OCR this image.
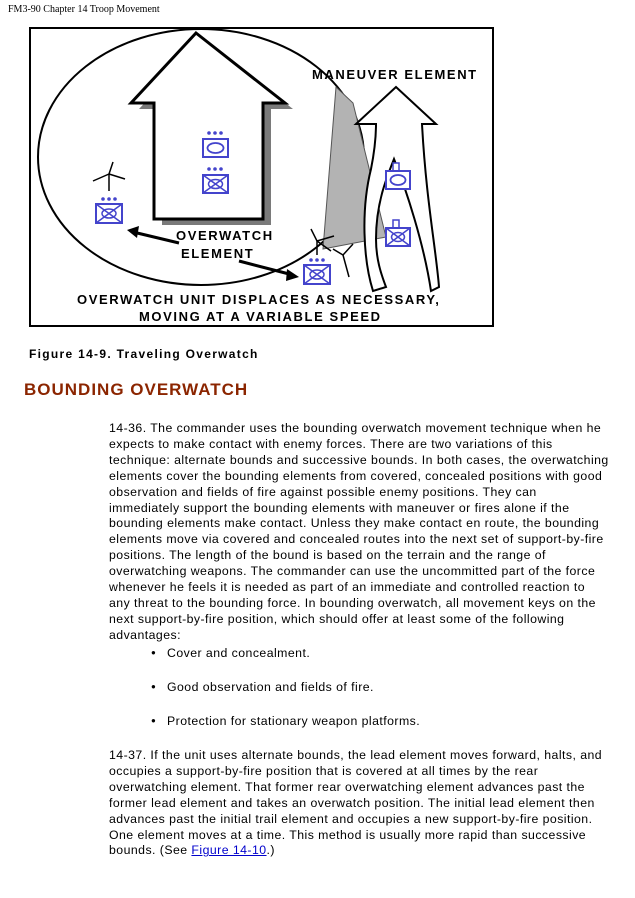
FM3-90 Chapter 14 Troop Movement
MANEUVER ELEMENT
OVERWATCH
ELEMENT
OVERWATCH UNIT DISPLACES AS NECESSARY,
MOVING AT A VARIABLE SPEED
Figure 14-9. Traveling Overwatch
BOUNDING OVERWATCH

14-36. The commander uses the bounding overwatch movement technique when he expects to make contact with enemy forces. There are two variations of this technique: alternate bounds and successive bounds. In both cases, the overwatching elements cover the bounding elements from covered, concealed positions with good observation and fields of fire against possible enemy positions. They can immediately support the bounding elements with maneuver or fires alone if the bounding elements make contact. Unless they make contact en route, the bounding elements move via covered and concealed routes into the next set of support-by-fire positions. The length of the bound is based on the terrain and the range of overwatching weapons. The commander can use the uncommitted part of the force whenever he feels it is needed as part of an immediate and controlled reaction to any threat to the bounding force. In bounding overwatch, all movement keys on the next support-by-fire position, which should offer at least some of the following advantages:

● Cover and concealment.
● Good observation and fields of fire.
● Protection for stationary weapon platforms.

14-37. If the unit uses alternate bounds, the lead element moves forward, halts, and occupies a support-by-fire position that is covered at all times by the rear overwatching element. That former rear overwatching element advances past the former lead element and takes an overwatch position. The initial lead element then advances past the initial trail element and occupies a new support-by-fire position. One element moves at a time. This method is usually more rapid than successive bounds. (See Figure 14-10.)
